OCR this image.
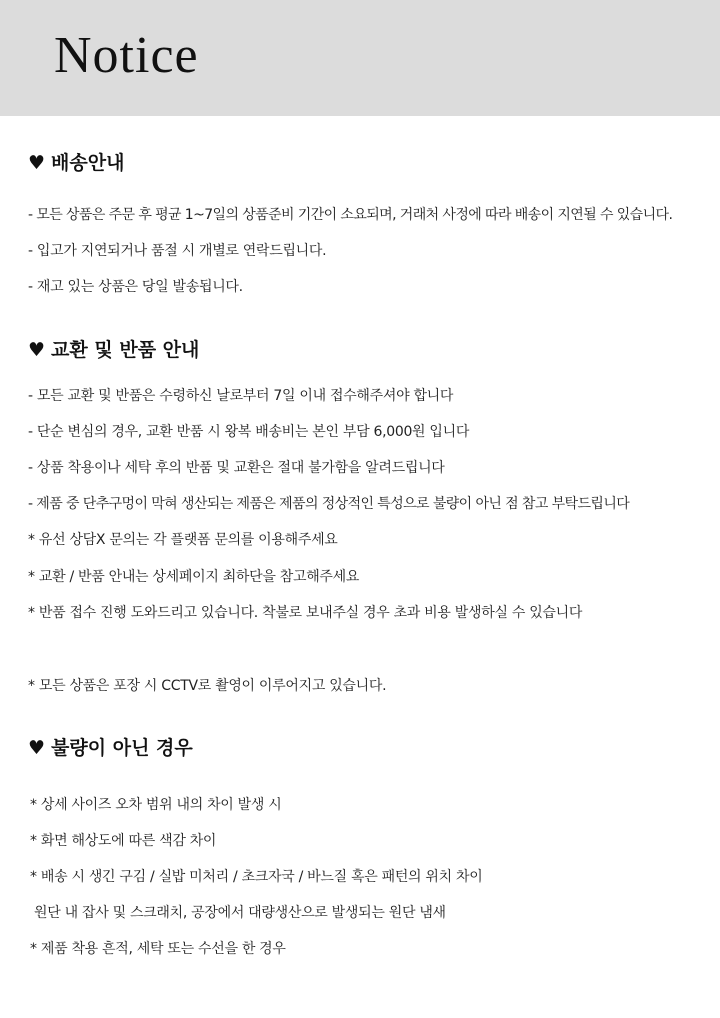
Notice
♥ 배송안내
- 모든 상품은 주문 후 평균 1~7일의 상품준비 기간이 소요되며, 거래처 사정에 따라 배송이 지연될 수 있습니다.
- 입고가 지연되거나 품절 시 개별로 연락드립니다.
- 재고 있는 상품은 당일 발송됩니다.
♥ 교환 및 반품 안내
- 모든 교환 및 반품은 수령하신 날로부터 7일 이내 접수해주셔야 합니다
- 단순 변심의 경우, 교환 반품 시 왕복 배송비는 본인 부담 6,000원 입니다
- 상품 착용이나 세탁 후의 반품 및 교환은 절대 불가함을 알려드립니다
- 제품 중 단추구멍이 막혀 생산되는 제품은 제품의 정상적인 특성으로 불량이 아닌 점 참고 부탁드립니다
* 유선 상담X 문의는 각 플랫폼 문의를 이용해주세요
* 교환 / 반품 안내는 상세페이지 최하단을 참고해주세요
* 반품 접수 진행 도와드리고 있습니다. 착불로 보내주실 경우 초과 비용 발생하실 수 있습니다
* 모든 상품은 포장 시 CCTV로 촬영이 이루어지고 있습니다.
♥ 불량이 아닌 경우
* 상세 사이즈 오차 범위 내의 차이 발생 시
* 화면 해상도에 따른 색감 차이
* 배송 시 생긴 구김 / 실밥 미처리 / 초크자국 / 바느질 혹은 패턴의 위치 차이
원단 내 잡사 및 스크래치, 공장에서 대량생산으로 발생되는 원단 냄새
* 제품 착용 흔적, 세탁 또는 수선을 한 경우
